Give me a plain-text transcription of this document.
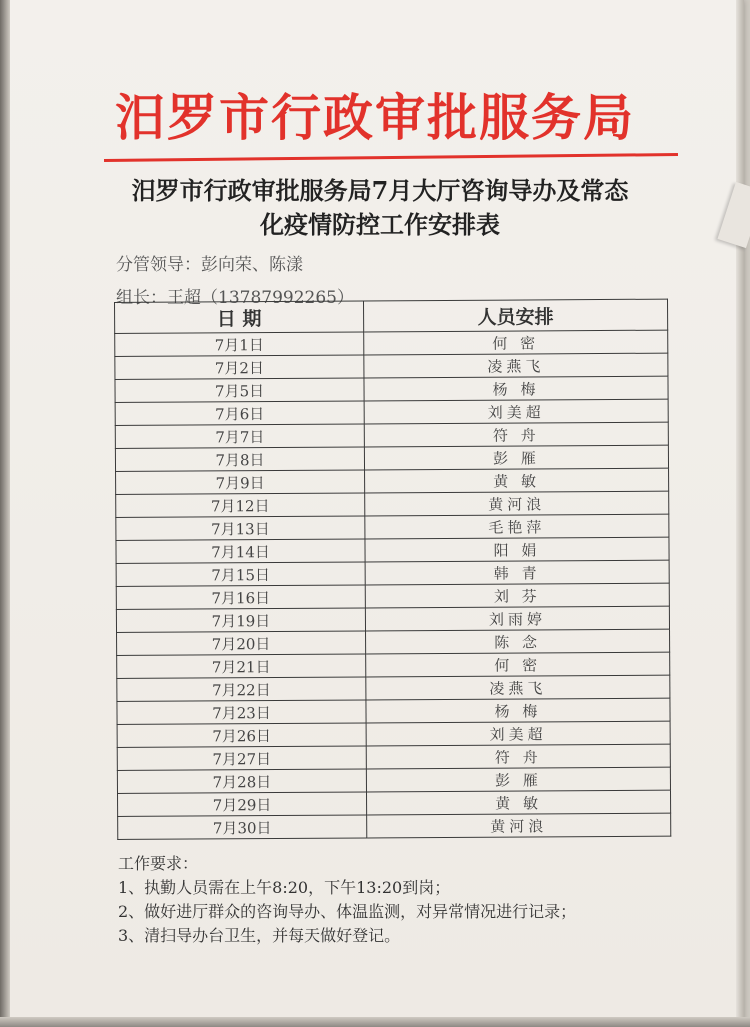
汨罗市行政审批服务局
汨罗市行政审批服务局7月大厅咨询导办及常态
化疫情防控工作安排表
分管领导：彭向荣、陈漾
组长：王超（13787992265）
日 期	人员安排
7月1日	何 密
7月2日	凌燕飞
7月5日	杨 梅
7月6日	刘美超
7月7日	符 舟
7月8日	彭 雁
7月9日	黄 敏
7月12日	黄河浪
7月13日	毛艳萍
7月14日	阳 娟
7月15日	韩 青
7月16日	刘 芬
7月19日	刘雨婷
7月20日	陈 念
7月21日	何 密
7月22日	凌燕飞
7月23日	杨 梅
7月26日	刘美超
7月27日	符 舟
7月28日	彭 雁
7月29日	黄 敏
7月30日	黄河浪
工作要求：
1、执勤人员需在上午8:20，下午13:20到岗；
2、做好进厅群众的咨询导办、体温监测，对异常情况进行记录；
3、清扫导办台卫生，并每天做好登记。
